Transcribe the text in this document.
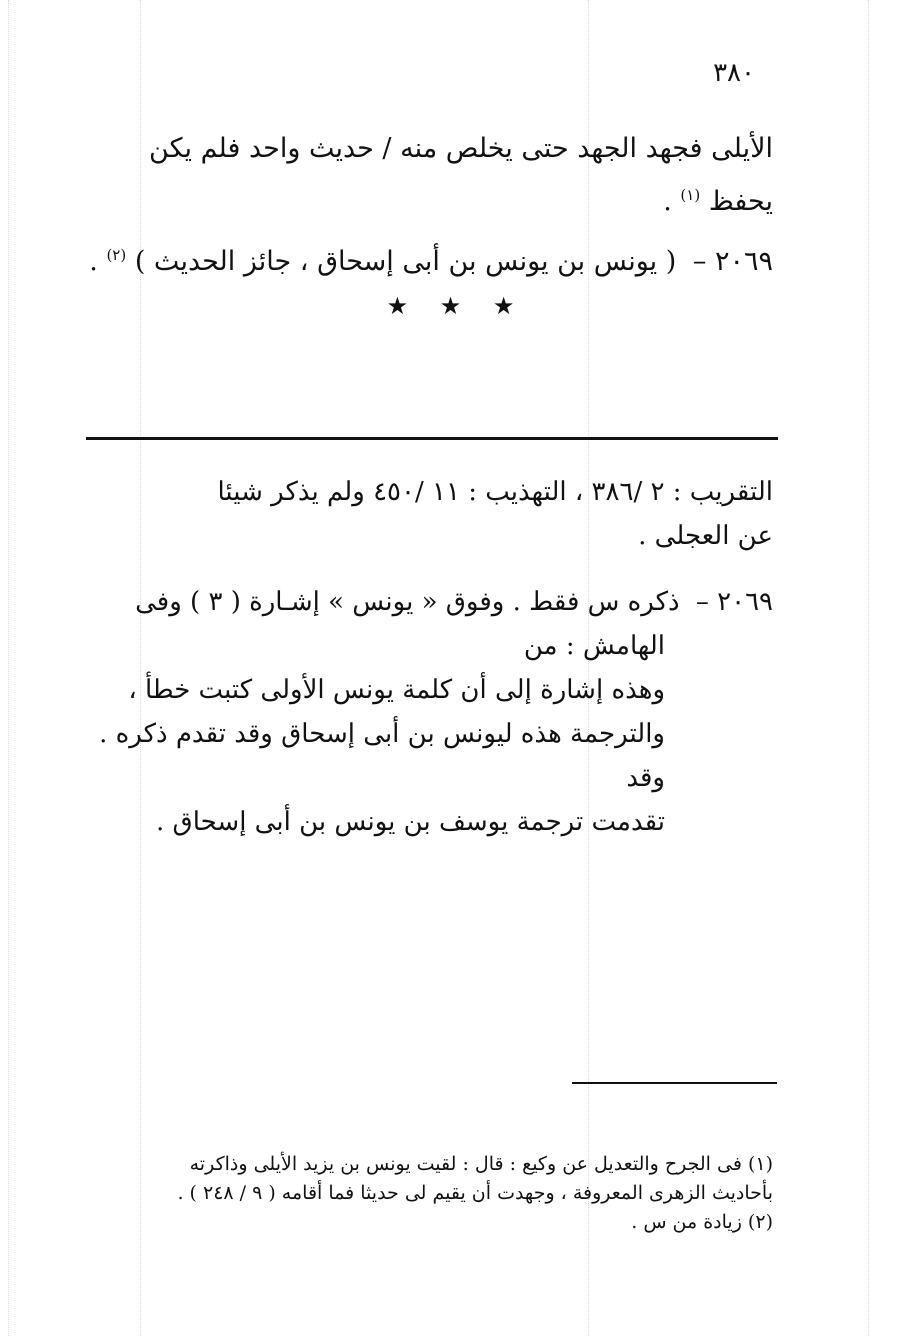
٣٨٠
الأيلى فجهد الجهد حتى يخلص منه / حديث واحد فلم يكن
يحفظ $^{(١)}$ .
٢٠٦٩ – ( يونس بن يونس بن أبى إسحاق ، جائز الحديث ) $^{(٢)}$ .
★ ★ ★
التقريب : ٢ /٣٨٦ ، التهذيب : ١١ /٤٥٠ ولم يذكر شيئا
عن العجلى .
٢٠٦٩ – ذكره س فقط . وفوق « يونس » إشـارة ( ٣ ) وفى
الهامش : من
وهذه إشارة إلى أن كلمة يونس الأولى كتبت خطأ ،
والترجمة هذه ليونس بن أبى إسحاق وقد تقدم ذكره . وقد
تقدمت ترجمة يوسف بن يونس بن أبى إسحاق .
(١) فى الجرح والتعديل عن وكيع : قال : لقيت يونس بن يزيد الأيلى وذاكرته
بأحاديث الزهرى المعروفة ، وجهدت أن يقيم لى حديثا فما أقامه ( ٩ / ٢٤٨ ) .
(٢) زيادة من س .
